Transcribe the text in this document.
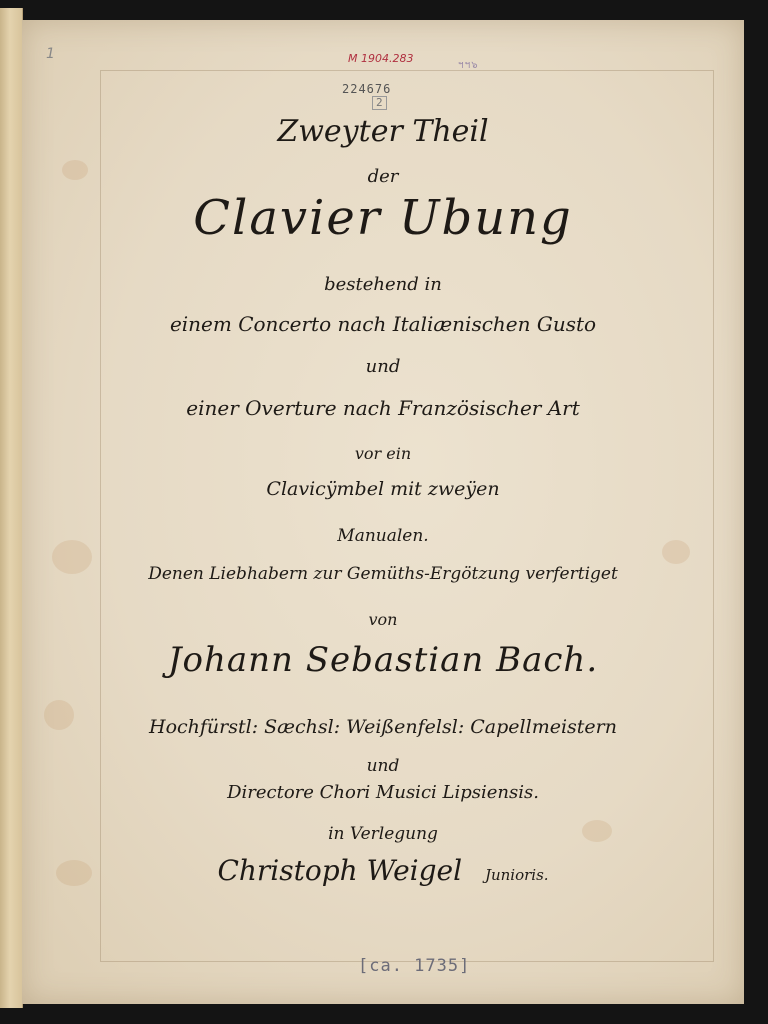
1	M 1904.283
ฯฯ๖
224676
2
Zweyter Theil
der
Clavier Ubung
bestehend in
einem Concerto nach Italiænischen Gusto
und
einer Overture nach Französischer Art
vor ein
Clavicÿmbel mit zweÿen
Manualen.
Denen Liebhabern zur Gemüths-Ergötzung verfertiget
von
Johann Sebastian Bach.
Hochfürstl: Sæchsl: Weißenfelsl: Capellmeistern
und
Directore Chori Musici Lipsiensis.
in Verlegung
Christoph Weigel Junioris.
[ca. 1735]
